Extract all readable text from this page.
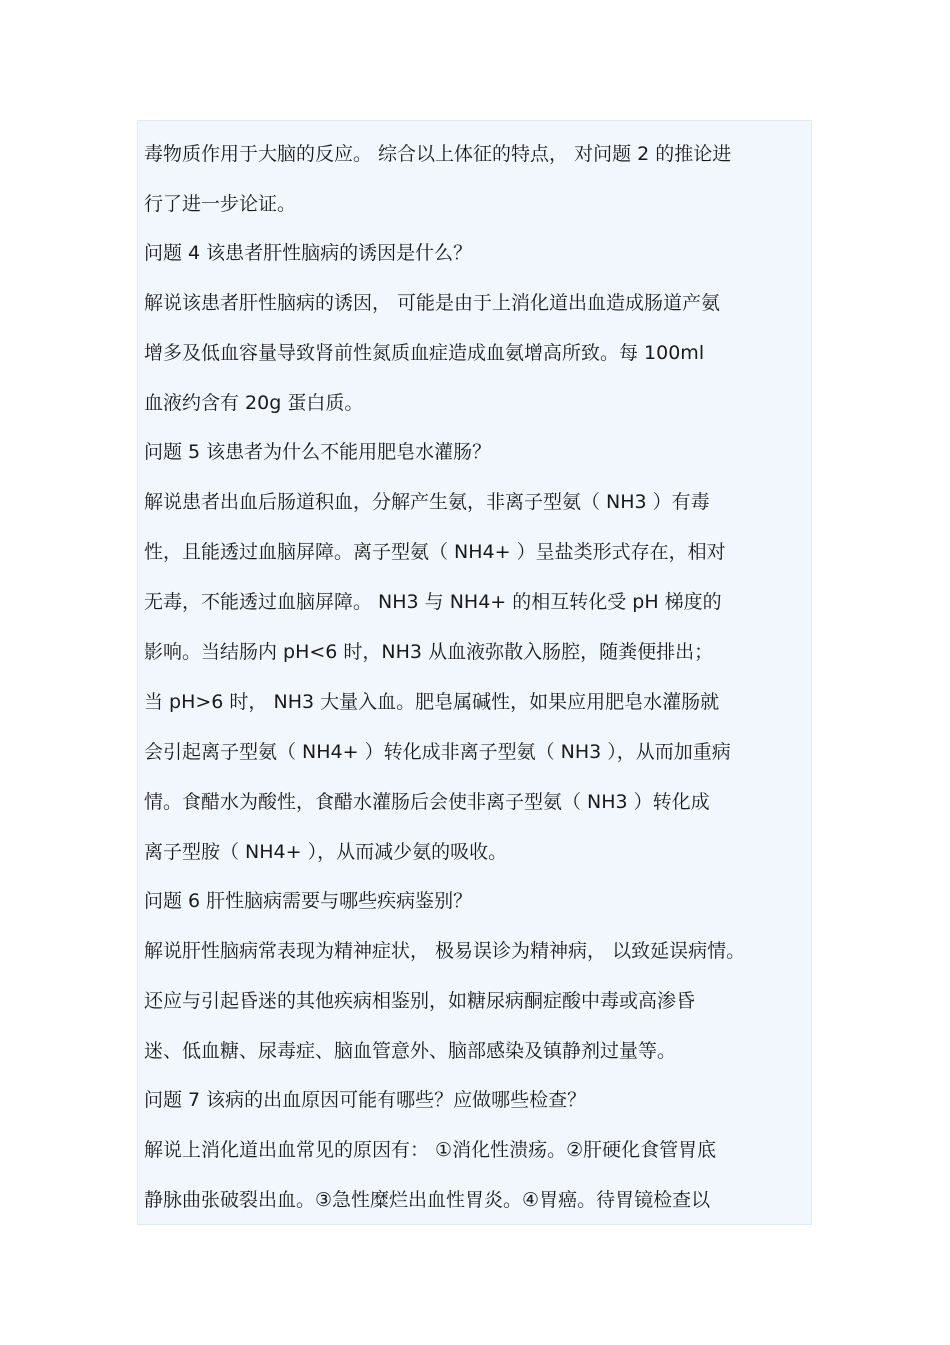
毒物质作用于大脑的反应。 综合以上体征的特点， 对问题 2 的推论进
行了进一步论证。
问题 4 该患者肝性脑病的诱因是什么？
解说该患者肝性脑病的诱因， 可能是由于上消化道出血造成肠道产氨
增多及低血容量导致肾前性氮质血症造成血氨增高所致。每 100ml
血液约含有 20g 蛋白质。
问题 5 该患者为什么不能用肥皂水灌肠？
解说患者出血后肠道积血，分解产生氨，非离子型氨（ NH3 ）有毒
性，且能透过血脑屏障。离子型氨（ NH4+ ）呈盐类形式存在，相对
无毒，不能透过血脑屏障。 NH3 与 NH4+ 的相互转化受 pH 梯度的
影响。当结肠内 pH<6 时，NH3 从血液弥散入肠腔，随粪便排出；
当 pH>6 时， NH3 大量入血。肥皂属碱性，如果应用肥皂水灌肠就
会引起离子型氨（ NH4+ ）转化成非离子型氨（ NH3 ），从而加重病
情。食醋水为酸性，食醋水灌肠后会使非离子型氨（ NH3 ）转化成
离子型胺（ NH4+ ），从而减少氨的吸收。
问题 6 肝性脑病需要与哪些疾病鉴别？
解说肝性脑病常表现为精神症状， 极易误诊为精神病， 以致延误病情。
还应与引起昏迷的其他疾病相鉴别，如糖尿病酮症酸中毒或高渗昏
迷、低血糖、尿毒症、脑血管意外、脑部感染及镇静剂过量等。
问题 7 该病的出血原因可能有哪些？应做哪些检查？
解说上消化道出血常见的原因有： ①消化性溃疡。②肝硬化食管胃底
静脉曲张破裂出血。③急性糜烂出血性胃炎。④胃癌。待胃镜检查以
